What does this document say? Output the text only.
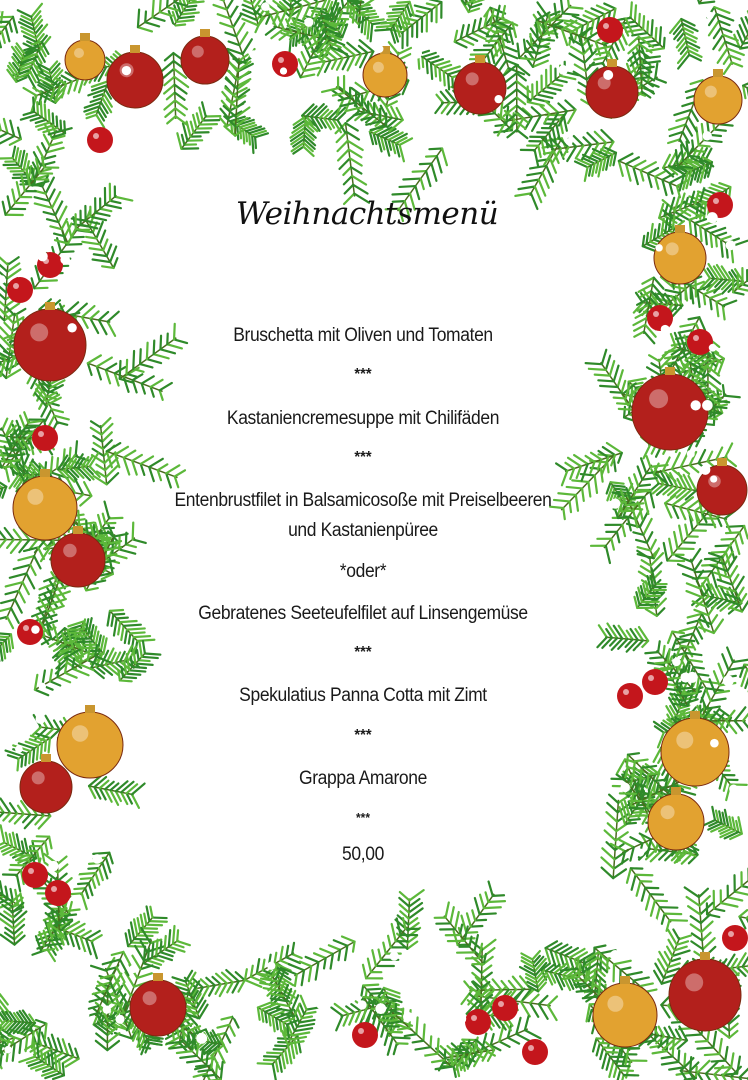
Weihnachtsmenü
Bruschetta mit Oliven und Tomaten
***
Kastaniencremesuppe mit Chilifäden
***
Entenbrustfilet in Balsamicosoße mit Preiselbeeren
und Kastanienpüree
*oder*
Gebratenes Seeteufelfilet auf Linsengemüse
***
Spekulatius Panna Cotta mit Zimt
***
Grappa Amarone
***
50,00
